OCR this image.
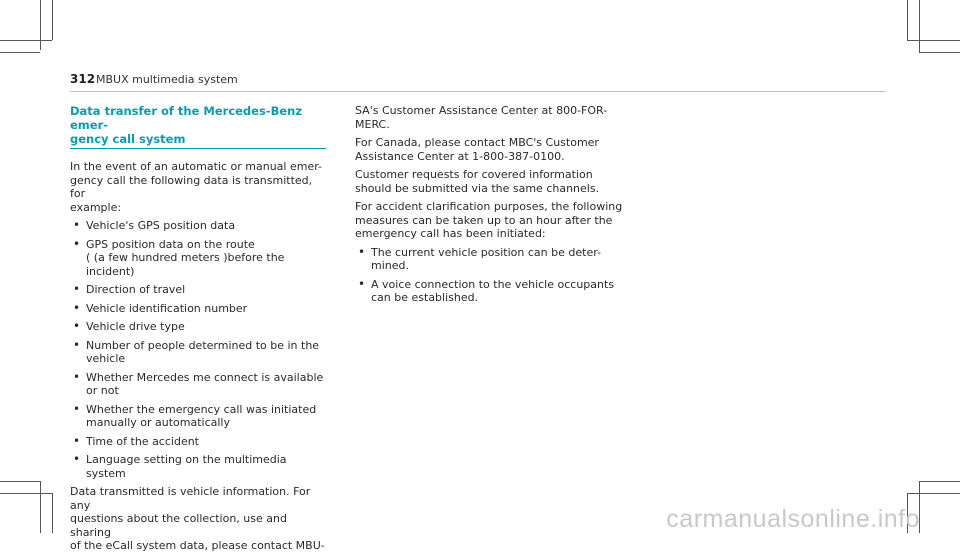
312 MBUX multimedia system
Data transfer of the Mercedes-Benz emer-
gency call system

In the event of an automatic or manual emer-
gency call the following data is transmitted, for
example:

• Vehicle's GPS position data
• GPS position data on the route
( (a few hundred meters )before the incident)
• Direction of travel
• Vehicle identification number
• Vehicle drive type
• Number of people determined to be in the
vehicle
• Whether Mercedes me connect is available
or not
• Whether the emergency call was initiated
manually or automatically
• Time of the accident
• Language setting on the multimedia system

Data transmitted is vehicle information. For any
questions about the collection, use and sharing
of the eCall system data, please contact MBU-

SA's Customer Assistance Center at 800-FOR-
MERC.

For Canada, please contact MBC's Customer
Assistance Center at 1-800-387-0100.

Customer requests for covered information
should be submitted via the same channels.

For accident clarification purposes, the following
measures can be taken up to an hour after the
emergency call has been initiated:

• The current vehicle position can be deter-
mined.
• A voice connection to the vehicle occupants
can be established.
carmanualsonline.info
